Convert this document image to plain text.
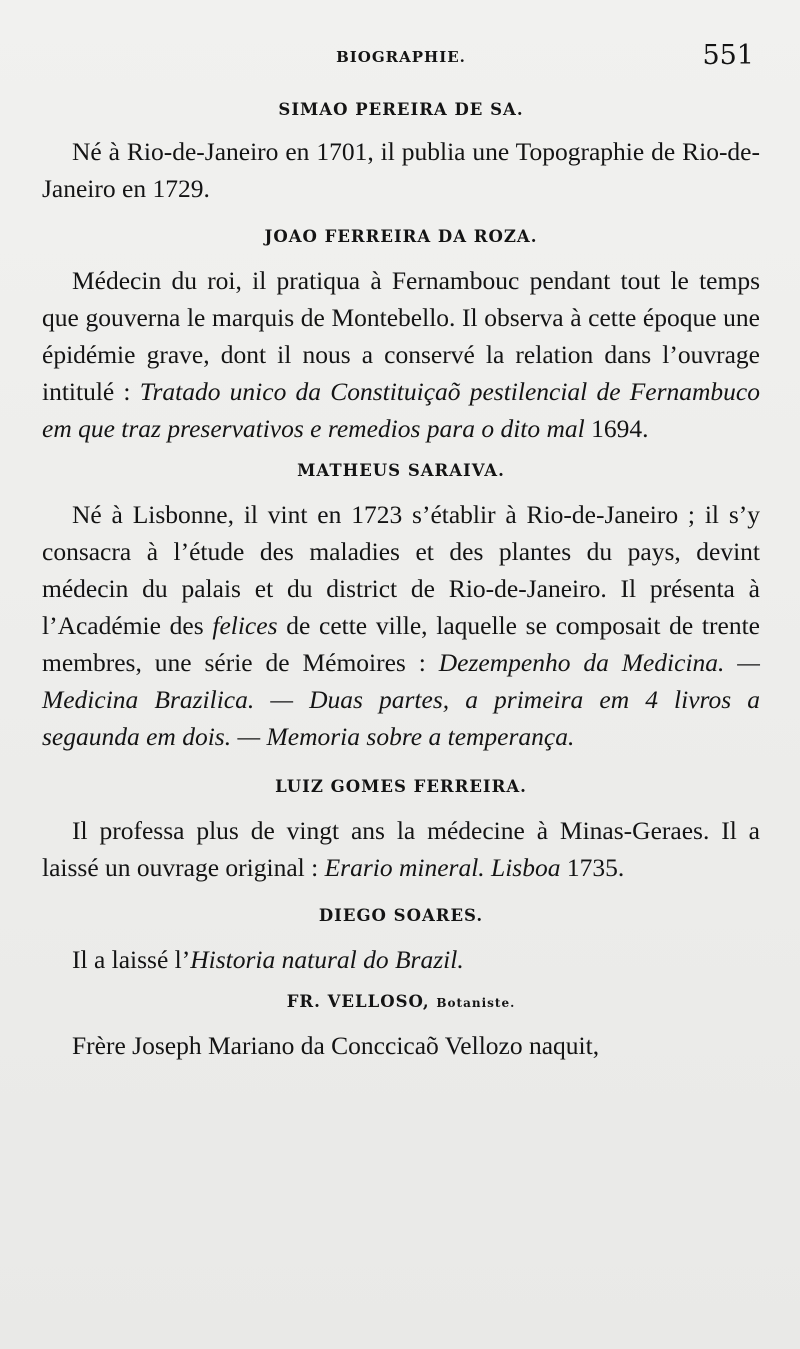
BIOGRAPHIE.	551
SIMAO PEREIRA DE SA.

Né à Rio-de-Janeiro en 1701, il publia une Topographie de Rio-de-Janeiro en 1729.

JOAO FERREIRA DA ROZA.

Médecin du roi, il pratiqua à Fernambouc pendant tout le temps que gouverna le marquis de Montebello. Il observa à cette époque une épidémie grave, dont il nous a conservé la relation dans l’ouvrage intitulé : Tratado unico da Constituiçaõ pestilencial de Fernambuco em que traz preservativos e remedios para o dito mal 1694.

MATHEUS SARAIVA.

Né à Lisbonne, il vint en 1723 s’établir à Rio-de-Janeiro ; il s’y consacra à l’étude des maladies et des plantes du pays, devint médecin du palais et du district de Rio-de-Janeiro. Il présenta à l’Académie des felices de cette ville, laquelle se composait de trente membres, une série de Mémoires : Dezempenho da Medicina. — Medicina Brazilica. — Duas partes, a primeira em 4 livros a segaunda em dois. — Memoria sobre a temperança.

LUIZ GOMES FERREIRA.

Il professa plus de vingt ans la médecine à Minas-Geraes. Il a laissé un ouvrage original : Erario mineral. Lisboa 1735.

DIEGO SOARES.

Il a laissé l’Historia natural do Brazil.

FR. VELLOSO, Botaniste.

Frère Joseph Mariano da Conccicaõ Vellozo naquit,
